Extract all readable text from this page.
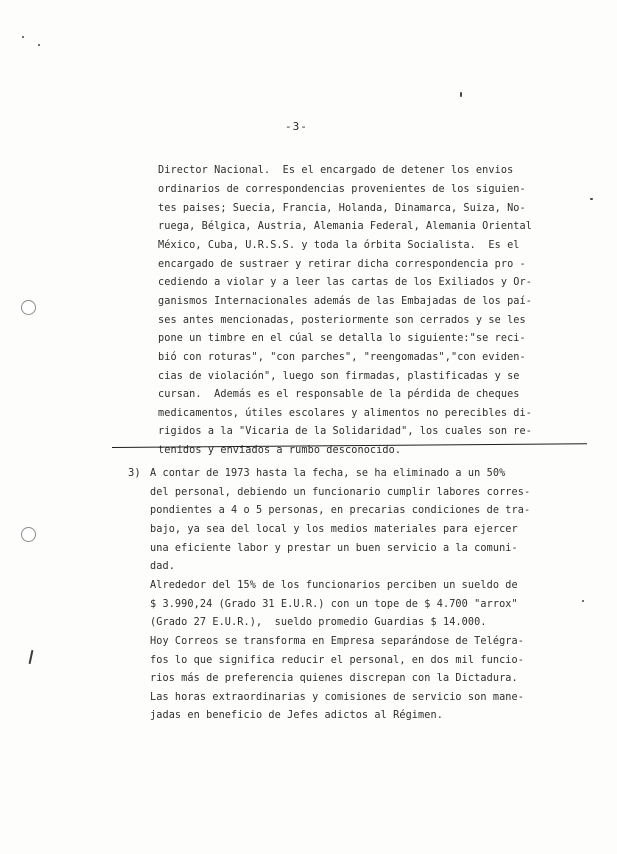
-3-
Director Nacional.  Es el encargado de detener los envios
ordinarios de correspondencias provenientes de los siguien-
tes paises; Suecia, Francia, Holanda, Dinamarca, Suiza, No-
ruega, Bélgica, Austria, Alemania Federal, Alemania Oriental
México, Cuba, U.R.S.S. y toda la órbita Socialista.  Es el
encargado de sustraer y retirar dicha correspondencia pro -
cediendo a violar y a leer las cartas de los Exiliados y Or-
ganismos Internacionales además de las Embajadas de los paí-
ses antes mencionadas, posteriormente son cerrados y se les
pone un timbre en el cúal se detalla lo siguiente:"se reci-
bió con roturas", "con parches", "reengomadas","con eviden-
cias de violación", luego son firmadas, plastificadas y se
cursan.  Además es el responsable de la pérdida de cheques
medicamentos, útiles escolares y alimentos no perecibles di-
rigidos a la "Vicaria de la Solidaridad", los cuales son re-
tenidos y enviados a rumbo desconocido.
3) A contar de 1973 hasta la fecha, se ha eliminado a un 50%
del personal, debiendo un funcionario cumplir labores corres-
pondientes a 4 o 5 personas, en precarias condiciones de tra-
bajo, ya sea del local y los medios materiales para ejercer
una eficiente labor y prestar un buen servicio a la comuni-
dad.
Alrededor del 15% de los funcionarios perciben un sueldo de
$ 3.990,24 (Grado 31 E.U.R.) con un tope de $ 4.700 "arrox"
(Grado 27 E.U.R.),  sueldo promedio Guardias $ 14.000.
Hoy Correos se transforma en Empresa separándose de Telégra-
fos lo que significa reducir el personal, en dos mil funcio-
rios más de preferencia quienes discrepan con la Dictadura.
Las horas extraordinarias y comisiones de servicio son mane-
jadas en beneficio de Jefes adictos al Régimen.
